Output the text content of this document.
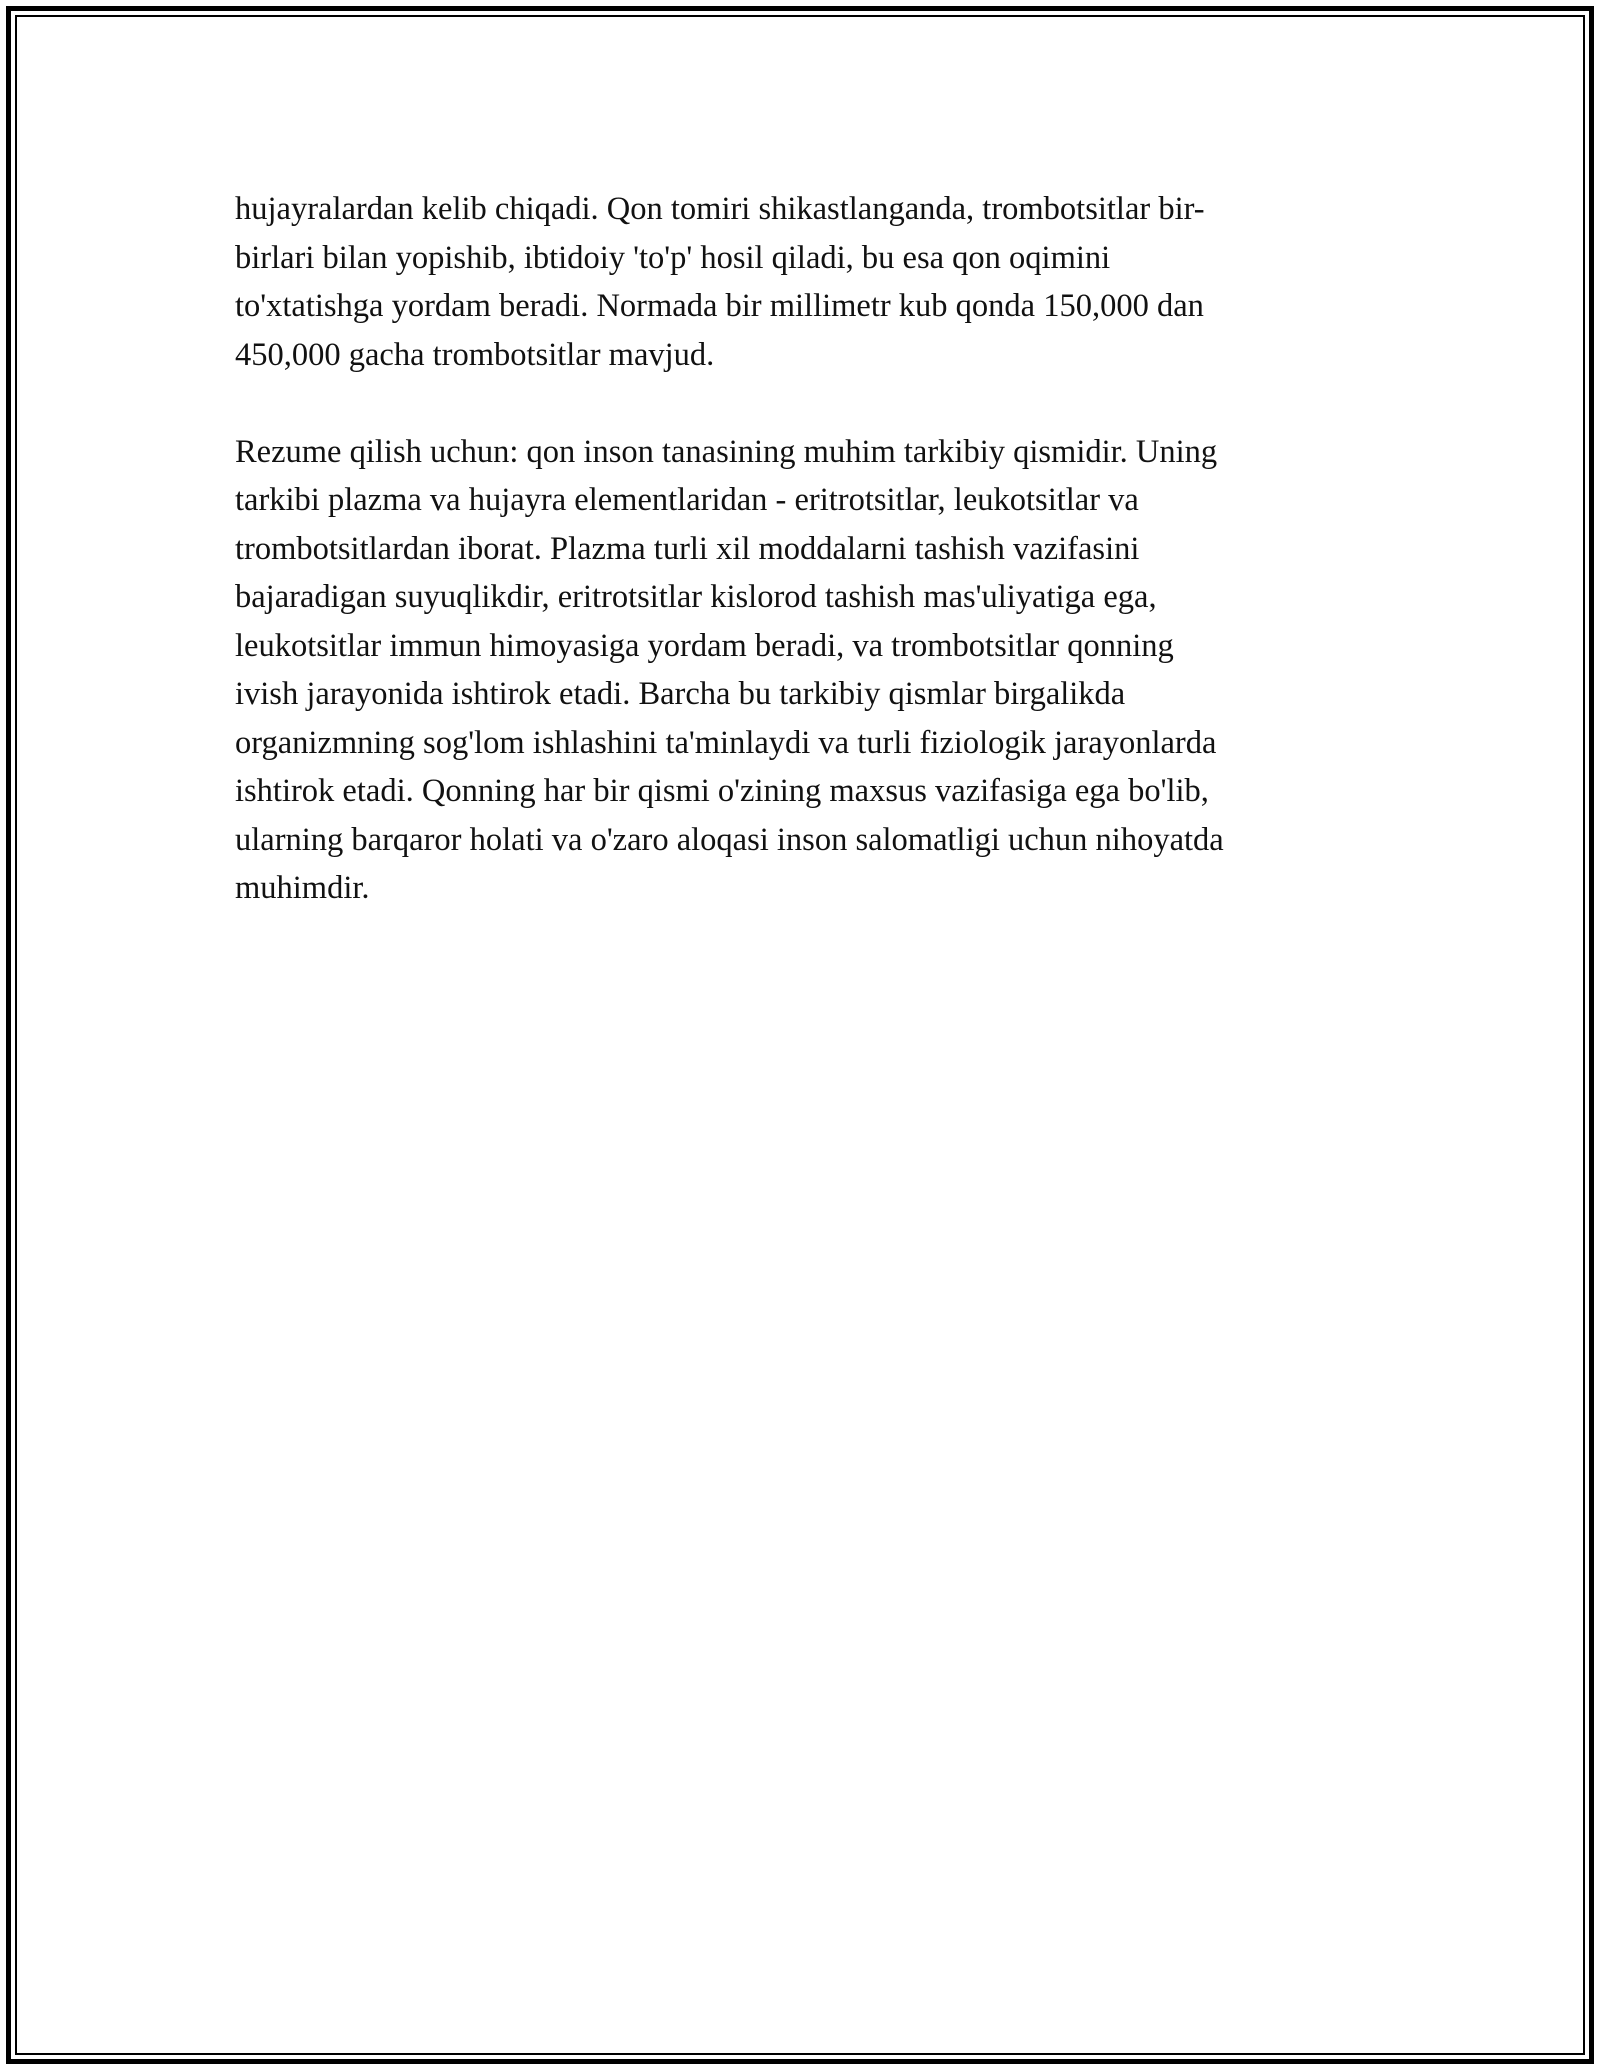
hujayralardan kelib chiqadi. Qon tomiri shikastlanganda, trombotsitlar bir-
birlari bilan yopishib, ibtidoiy 'to'p' hosil qiladi, bu esa qon oqimini
to'xtatishga yordam beradi. Normada bir millimetr kub qonda 150,000 dan
450,000 gacha trombotsitlar mavjud.

Rezume qilish uchun: qon inson tanasining muhim tarkibiy qismidir. Uning
tarkibi plazma va hujayra elementlaridan - eritrotsitlar, leukotsitlar va
trombotsitlardan iborat. Plazma turli xil moddalarni tashish vazifasini
bajaradigan suyuqlikdir, eritrotsitlar kislorod tashish mas'uliyatiga ega,
leukotsitlar immun himoyasiga yordam beradi, va trombotsitlar qonning
ivish jarayonida ishtirok etadi. Barcha bu tarkibiy qismlar birgalikda
organizmning sog'lom ishlashini ta'minlaydi va turli fiziologik jarayonlarda
ishtirok etadi. Qonning har bir qismi o'zining maxsus vazifasiga ega bo'lib,
ularning barqaror holati va o'zaro aloqasi inson salomatligi uchun nihoyatda
muhimdir.
